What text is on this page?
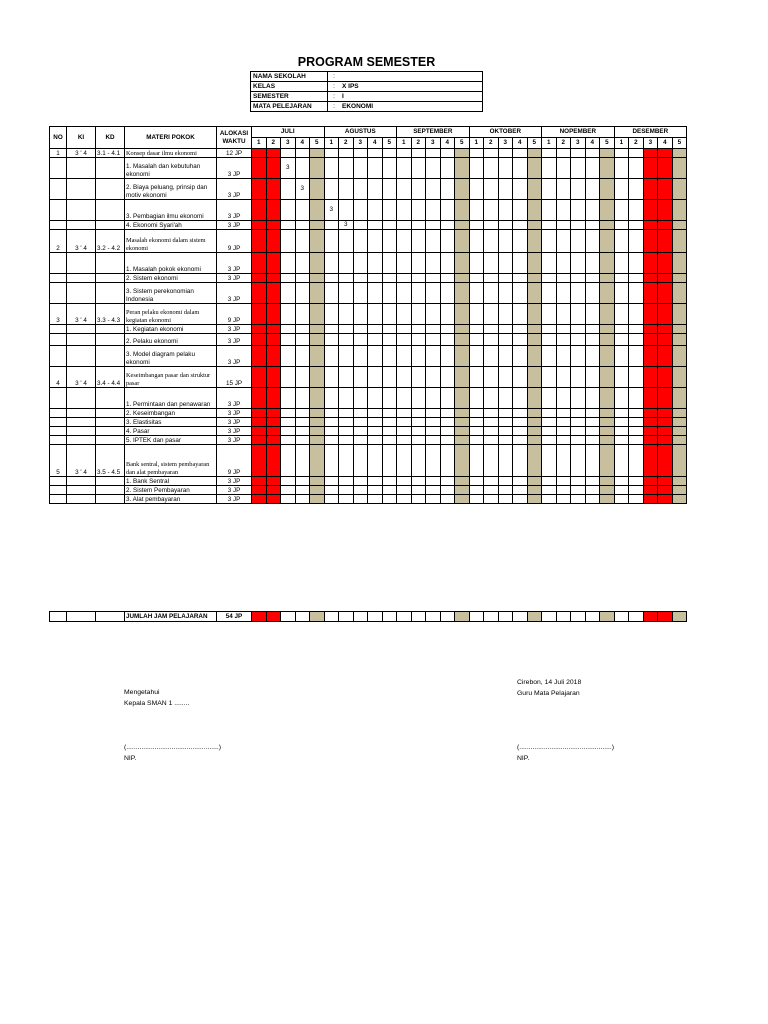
PROGRAM SEMESTER
NAMA SEKOLAH	:	
KELAS	:	X IPS
SEMESTER	:	I
MATA PELEJARAN	:	EKONOMI
NO	KI	KD	MATERI POKOK	ALOKASI WAKTU	JULI					AGUSTUS					SEPTEMBER					OKTOBER					NOPEMBER					DESEMBER				
					1	2	3	4	5	1	2	3	4	5	1	2	3	4	5	1	2	3	4	5	1	2	3	4	5	1	2	3	4	5
1	3 ' 4	3.1 - 4.1	Konsep dasar ilmu ekonomi	12 JP																														
			1. Masalah dan kebutuhan ekonomi	3 JP			3																											
			2. Biaya peluang, prinsip dan motiv ekonomi	3 JP				3																										
			3. Pembagian ilmu ekonomi	3 JP						3																								
			4. Ekonomi Syari'ah	3 JP							3																							
2	3 ' 4	3.2 - 4.2	Masalah ekonomi dalam sistem ekonomi	9 JP																														
			1. Masalah pokok ekonomi	3 JP																														
			2. Sistem ekonomi	3 JP																														
			3. Sistem perekonomian Indonesia	3 JP																														
3	3 ' 4	3.3 - 4.3	Peran pelaku ekonomi dalam kegiatan ekonomi	9 JP																														
			1. Kegiatan ekonomi	3 JP																														
			2. Pelaku ekonomi	3 JP																														
			3. Model diagram pelaku ekonomi	3 JP																														
4	3 ' 4	3.4 - 4.4	Keseimbangan pasar dan struktur pasar	15 JP																														
			1. Permintaan dan penawaran	3 JP																														
			2. Keseimbangan	3 JP																														
			3. Elastisitas	3 JP																														
			4. Pasar	3 JP																														
			5. IPTEK dan pasar	3 JP																														
5	3 ' 4	3.5 - 4.5	Bank sentral, sistem pembayaran dan alat pembayaran	9 JP																														
			1. Bank Sentral	3 JP																														
			2. Sistem Pembayaran	3 JP																														
			3. Alat pembayaran	3 JP																														

			JUMLAH JAM PELAJARAN	54 JP																														
Mengetahui
Kepala SMAN 1 ........
(.................................................)
NIP.
Cirebon, 14 Juli 2018
Guru Mata Pelajaran
(.................................................)
NIP.
